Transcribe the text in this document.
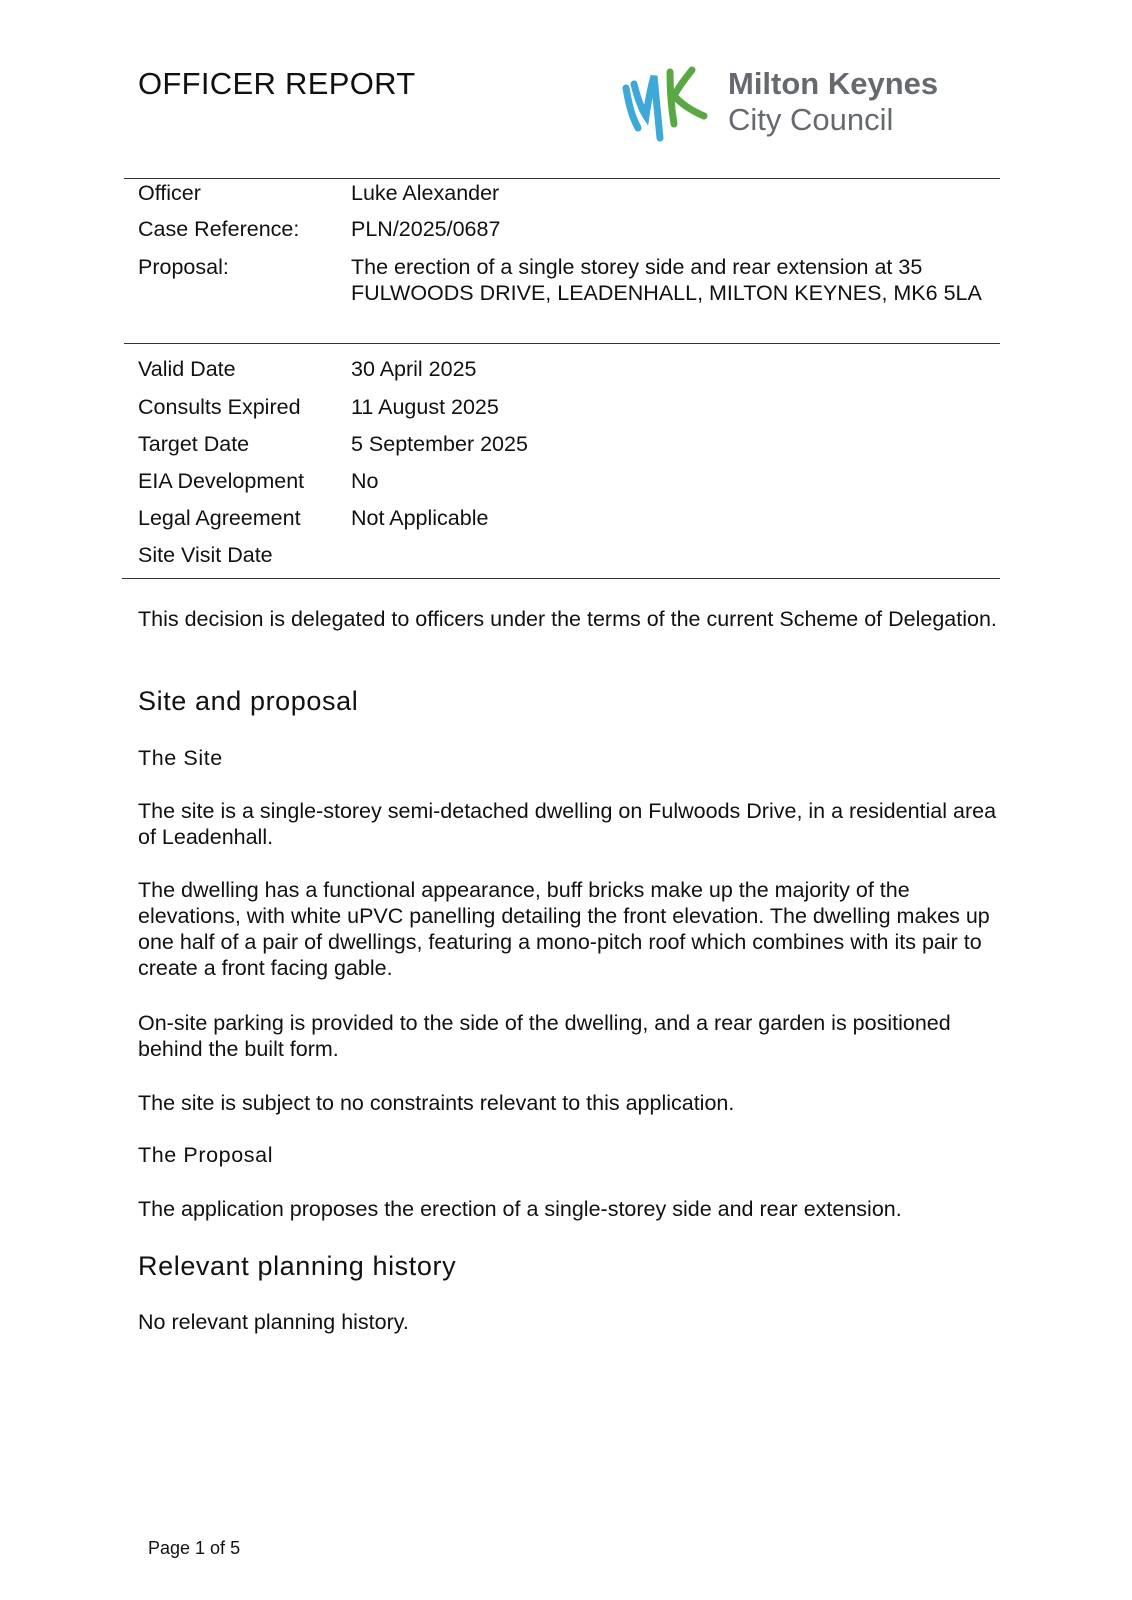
OFFICER REPORT	Milton Keynes
City Council
Officer	Luke Alexander
Case Reference: PLN/2025/0687
Proposal:	The erection of a single storey side and rear extension at 35 FULWOODS DRIVE, LEADENHALL, MILTON KEYNES, MK6 5LA
Valid Date	30 April 2025
Consults Expired 11 August 2025
Target Date	5 September 2025
EIA Development No
Legal Agreement Not Applicable
Site Visit Date

This decision is delegated to officers under the terms of the current Scheme of Delegation.

Site and proposal
The Site

The site is a single-storey semi-detached dwelling on Fulwoods Drive, in a residential area of Leadenhall.

The dwelling has a functional appearance, buff bricks make up the majority of the elevations, with white uPVC panelling detailing the front elevation. The dwelling makes up one half of a pair of dwellings, featuring a mono-pitch roof which combines with its pair to create a front facing gable.

On-site parking is provided to the side of the dwelling, and a rear garden is positioned behind the built form.

The site is subject to no constraints relevant to this application.

The Proposal

The application proposes the erection of a single-storey side and rear extension.

Relevant planning history

No relevant planning history.

Page 1 of 5
